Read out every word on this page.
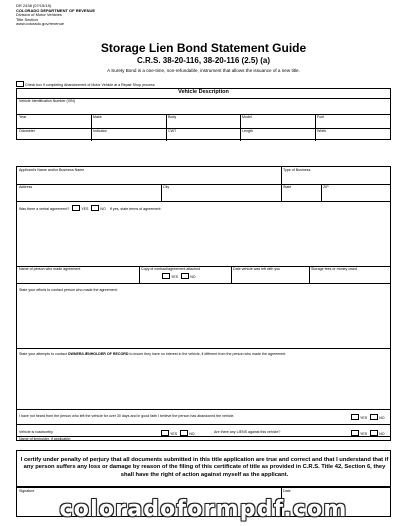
DR 2438 (07/15/15)
COLORADO DEPARTMENT OF REVENUE
Division of Motor Vehicles
Title Section
www.colorado.gov/revenue
Storage Lien Bond Statement Guide
C.R.S. 38-20-116, 38-20-116 (2.5) (a)
A Surety Bond is a one-time, non-refundable, instrument that allows the issuance of a new title.
Check box if completing Abandonment of Motor Vehicle at a Repair Shop process
Vehicle Description
Vehicle Identification Number (VIN)
Year	Make	Body	Model	Fuel
Odometer	Indicator	CWT	Length	Width
Applicant's Name and/or Business Name	Type of Business
Address	City	State	ZIP
Was there a verbal agreement?	YES	NO If yes, state terms of agreement:
Name of person who made agreement	Copy of contract/agreement attached
YES	NO
Date vehicle was left with you	Storage fees or money owed
State your efforts to contact person who made the agreement:
State your attempts to contact OWNER/LIENHOLDER OF RECORD to insure they have no interest in the vehicle, if different from the person who made the agreement.
I have not heard from the person who left the vehicle for over 30 days and in good faith I believe the person has abandoned the vehicle.	YES	NO
Vehicle is roadworthy	YES	NO	Are there any LIENS against this vehicle?	YES	NO
Name of lienholder, if applicable:
I certify under penalty of perjury that all documents submitted in this title application are true and correct and that I understand that if any person suffers any loss or damage by reason of the filing of this certificate of title as provided in C.R.S. Title 42, Section 6, they shall have the right of action against myself as the applicant.
Signature	Date
coloradoformpdf.com
